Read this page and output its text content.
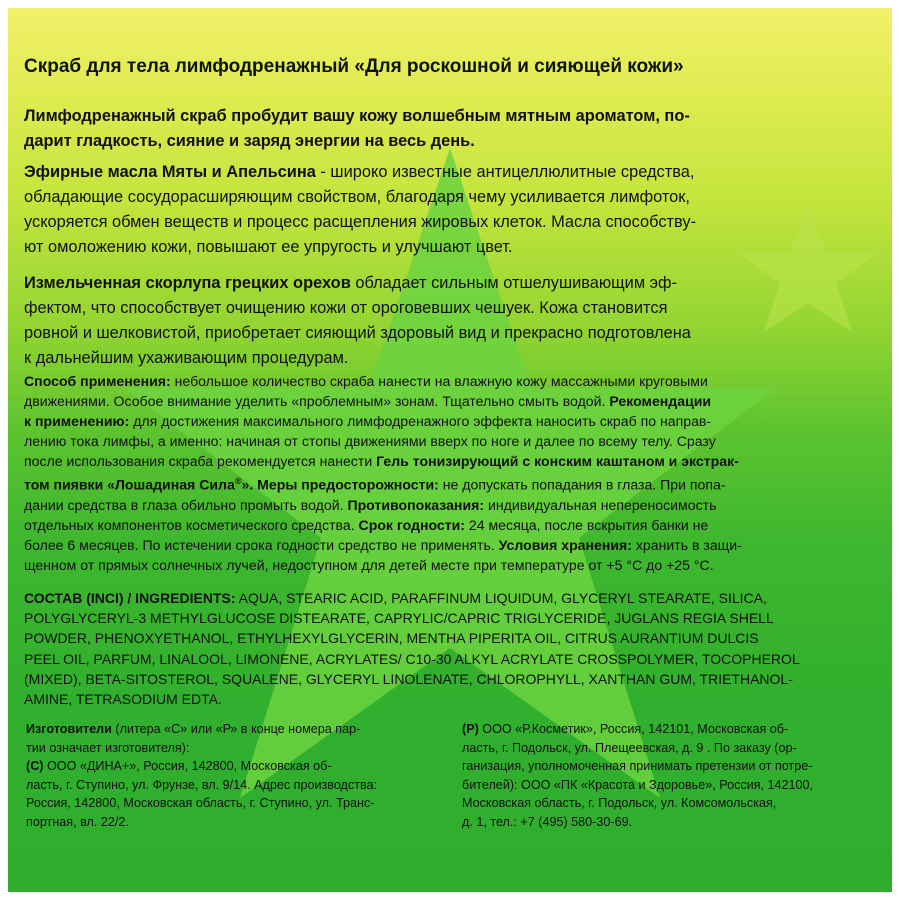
Скраб для тела лимфодренажный «Для роскошной и сияющей кожи»
Лимфодренажный скраб пробудит вашу кожу волшебным мятным ароматом, по-
дарит гладкость, сияние и заряд энергии на весь день.
Эфирные масла Мяты и Апельсина - широко известные антицеллюлитные средства,
обладающие сосудорасширяющим свойством, благодаря чему усиливается лимфоток,
ускоряется обмен веществ и процесс расщепления жировых клеток. Масла способству-
ют омоложению кожи, повышают ее упругость и улучшают цвет.
Измельченная скорлупа грецких орехов обладает сильным отшелушивающим эф-
фектом, что способствует очищению кожи от ороговевших чешуек. Кожа становится
ровной и шелковистой, приобретает сияющий здоровый вид и прекрасно подготовлена
к дальнейшим ухаживающим процедурам.
Способ применения: небольшое количество скраба нанести на влажную кожу массажными круговыми
движениями. Особое внимание уделить «проблемным» зонам. Тщательно смыть водой. Рекомендации
к применению: для достижения максимального лимфодренажного эффекта наносить скраб по направ-
лению тока лимфы, а именно: начиная от стопы движениями вверх по ноге и далее по всему телу. Сразу
после использования скраба рекомендуется нанести Гель тонизирующий с конским каштаном и экстрак-
том пиявки «Лошадиная Сила®». Меры предосторожности: не допускать попадания в глаза. При попа-
дании средства в глаза обильно промыть водой. Противопоказания: индивидуальная непереносимость
отдельных компонентов косметического средства. Срок годности: 24 месяца, после вскрытия банки не
более 6 месяцев. По истечении срока годности средство не применять. Условия хранения: хранить в защи-
щенном от прямых солнечных лучей, недоступном для детей месте при температуре от +5 °С до +25 °С.
СОСТАВ (INCI) / INGREDIENTS: AQUA, STEARIC ACID, PARAFFINUM LIQUIDUM, GLYCERYL STEARATE, SILICA,
POLYGLYCERYL-3 METHYLGLUCOSE DISTEARATE, CAPRYLIC/CAPRIC TRIGLYCERIDE, JUGLANS REGIA SHELL
POWDER, PHENOXYETHANOL, ETHYLHEXYLGLYCERIN, MENTHA PIPERITA OIL, CITRUS AURANTIUM DULCIS
PEEL OIL, PARFUM, LINALOOL, LIMONENE, ACRYLATES/ C10-30 ALKYL ACRYLATE CROSSPOLYMER, TOCOPHEROL
(MIXED), BETA-SITOSTEROL, SQUALENE, GLYCERYL LINOLENATE, CHLOROPHYLL, XANTHAN GUM, TRIETHANOL-
AMINE, TETRASODIUM EDTA.
Изготовители (литера «С» или «Р» в конце номера пар-
тии означает изготовителя):
(С) ООО «ДИНА+», Россия, 142800, Московская об-
ласть, г. Ступино, ул. Фрунзе, вл. 9/14. Адрес производства:
Россия, 142800, Московская область, г. Ступино, ул. Транс-
портная, вл. 22/2.
(Р) ООО «Р.Косметик», Россия, 142101, Московская об-
ласть, г. Подольск, ул. Плещеевская, д. 9 . По заказу (ор-
ганизация, уполномоченная принимать претензии от потре-
бителей): ООО «ПК «Красота и Здоровье», Россия, 142100,
Московская область, г. Подольск, ул. Комсомольская,
д. 1, тел.: +7 (495) 580-30-69.
